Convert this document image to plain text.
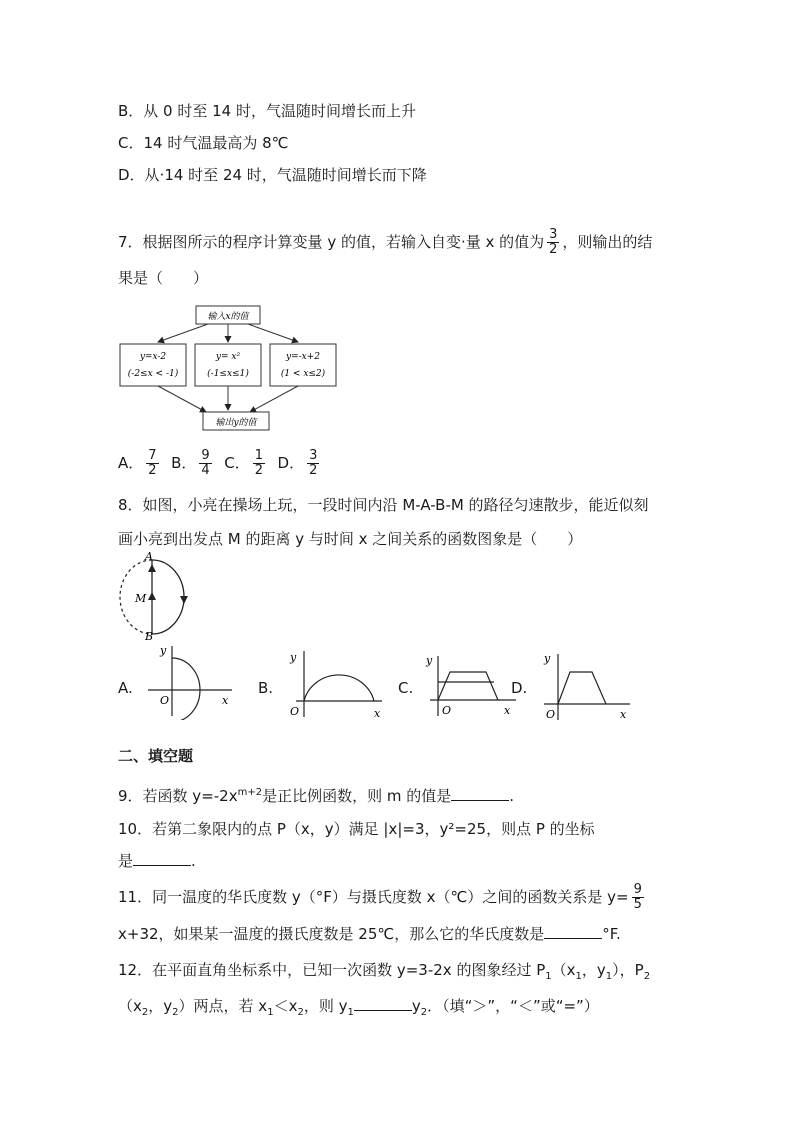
B．从 0 时至 14 时，气温随时间增长而上升
C．14 时气温最高为 8℃
D．从·14 时至 24 时，气温随时间增长而下降
7．根据图所示的程序计算变量 y 的值，若输入自变·量 x 的值为 $\frac{3}{2}$ ，则输出的结
果是（　　）
输入x的值
y=x-2
(-2≤x < -1)
y= x²
(-1≤x≤1)
y=-x+2
(1 < x≤2)
输出y的值
A． $\frac{7}{2}$ B． $\frac{9}{4}$ C． $\frac{1}{2}$ D． $\frac{3}{2}$
8．如图，小亮在操场上玩，一段时间内沿 M-A-B-M 的路径匀速散步，能近似刻
画小亮到出发点 M 的距离 y 与时间 x 之间关系的函数图象是（　　）
A
M
B
A.
y
x
O
B.
y
x
O
C.
y
x
O
D.
y
x
O
二、填空题
9．若函数 $y=-2x^{m+2}$是正比例函数，则 m 的值是	.
10．若第二象限内的点 P（x，y）满足 |x|=3，y²=25，则点 P 的坐标
是	.
11．同一温度的华氏度数 y（°F）与摄氏度数 x（℃）之间的函数关系是 $y= \frac{9}{5}$
x+32，如果某一温度的摄氏度数是 25℃，那么它的华氏度数是	°F.
12．在平面直角坐标系中，已知一次函数 y=3-2x 的图象经过 $P_1(x_1$，$y_1$），$P_2$
（$x_2$，$y_2$）两点，若 $x_1<x_2$，则 $y_1$	$y_2$．（填“＞”，“＜”或“=”）
